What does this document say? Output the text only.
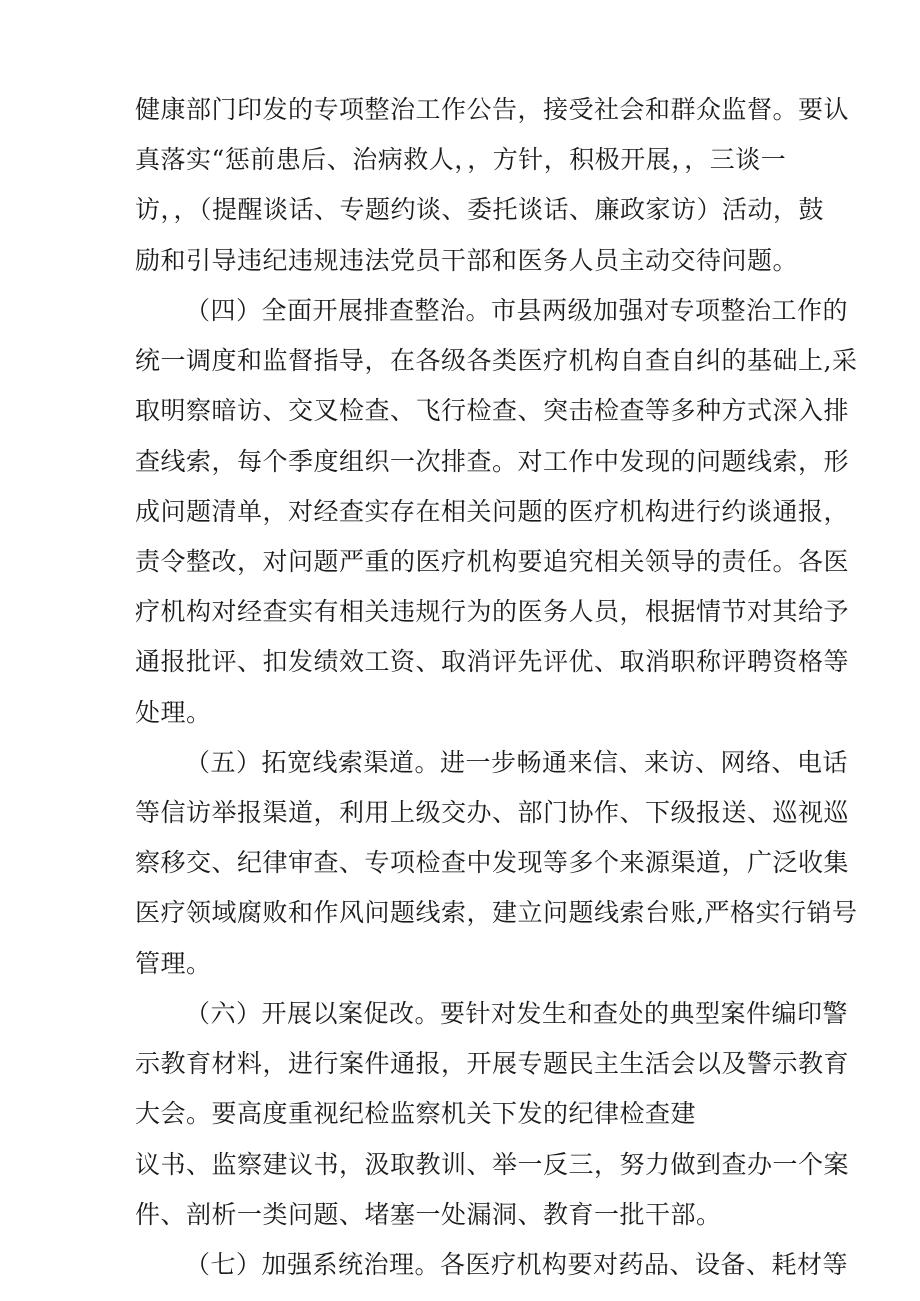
健康部门印发的专项整治工作公告，接受社会和群众监督。要认
真落实“惩前患后、治病救人，，方针，积极开展，，三谈一
访，，（提醒谈话、专题约谈、委托谈话、廉政家访）活动，鼓
励和引导违纪违规违法党员干部和医务人员主动交待问题。
（四）全面开展排查整治。市县两级加强对专项整治工作的
统一调度和监督指导，在各级各类医疗机构自查自纠的基础上,采
取明察暗访、交叉检查、飞行检查、突击检查等多种方式深入排
查线索，每个季度组织一次排查。对工作中发现的问题线索，形
成问题清单，对经查实存在相关问题的医疗机构进行约谈通报，
责令整改，对问题严重的医疗机构要追究相关领导的责任。各医
疗机构对经查实有相关违规行为的医务人员，根据情节对其给予
通报批评、扣发绩效工资、取消评先评优、取消职称评聘资格等
处理。
（五）拓宽线索渠道。进一步畅通来信、来访、网络、电话
等信访举报渠道，利用上级交办、部门协作、下级报送、巡视巡
察移交、纪律审查、专项检查中发现等多个来源渠道，广泛收集
医疗领域腐败和作风问题线索，建立问题线索台账,严格实行销号
管理。
（六）开展以案促改。要针对发生和查处的典型案件编印警
示教育材料，进行案件通报，开展专题民主生活会以及警示教育
大会。要高度重视纪检监察机关下发的纪律检查建
议书、监察建议书，汲取教训、举一反三，努力做到查办一个案
件、剖析一类问题、堵塞一处漏洞、教育一批干部。
（七）加强系统治理。各医疗机构要对药品、设备、耗材等
